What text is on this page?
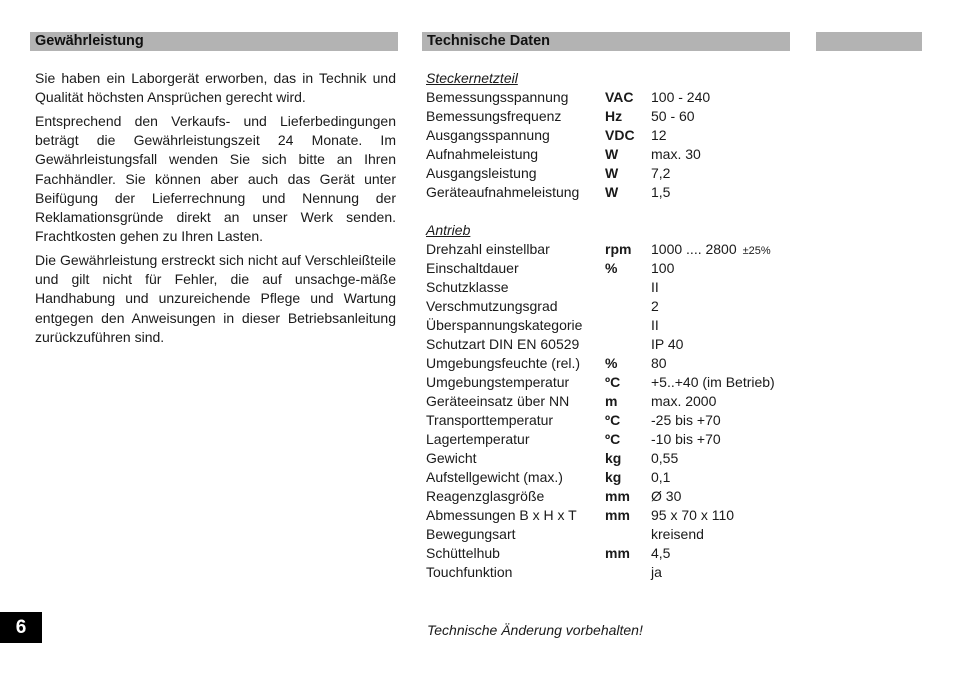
Gewährleistung	Technische Daten

Sie haben ein Laborgerät erworben, das in Technik und Qualität höchsten Ansprüchen gerecht wird.

Entsprechend den Verkaufs- und Lieferbedingungen beträgt die Gewährleistungszeit 24 Monate. Im Gewährleistungsfall wenden Sie sich bitte an Ihren Fachhändler. Sie können aber auch das Gerät unter Beifügung der Lieferrechnung und Nennung der Reklamationsgründe direkt an unser Werk senden. Frachtkosten gehen zu Ihren Lasten.

Die Gewährleistung erstreckt sich nicht auf Verschleißteile und gilt nicht für Fehler, die auf unsachge-mäße Handhabung und unzureichende Pflege und Wartung entgegen den Anweisungen in dieser Betriebsanleitung zurückzuführen sind.

Steckernetzteil
Bemessungsspannung	VAC 100 - 240
Bemessungsfrequenz	Hz 50 - 60
Ausgangsspannung	VDC 12
Aufnahmeleistung	W max. 30
Ausgangsleistung	W 7,2
Geräteaufnahmeleistung W 1,5
Antrieb
Drehzahl einstellbar	rpm 1000 .... 2800 ±25%
Einschaltdauer	% 100
Schutzklasse	II
Verschmutzungsgrad	2
Überspannungskategorie	II
Schutzart DIN EN 60529	IP 40
Umgebungsfeuchte (rel.) % 80
Umgebungstemperatur	ºC +5..+40 (im Betrieb)
Geräteeinsatz über NN	m max. 2000
Transporttemperatur	ºC -25 bis +70
Lagertemperatur	ºC -10 bis +70
Gewicht	kg 0,55
Aufstellgewicht (max.)	kg 0,1
Reagenzglasgröße	mm Ø 30
Abmessungen B x H x T mm 95 x 70 x 110
Bewegungsart	kreisend
Schüttelhub	mm 4,5
Touchfunktion	ja
Technische Änderung vorbehalten!
6
